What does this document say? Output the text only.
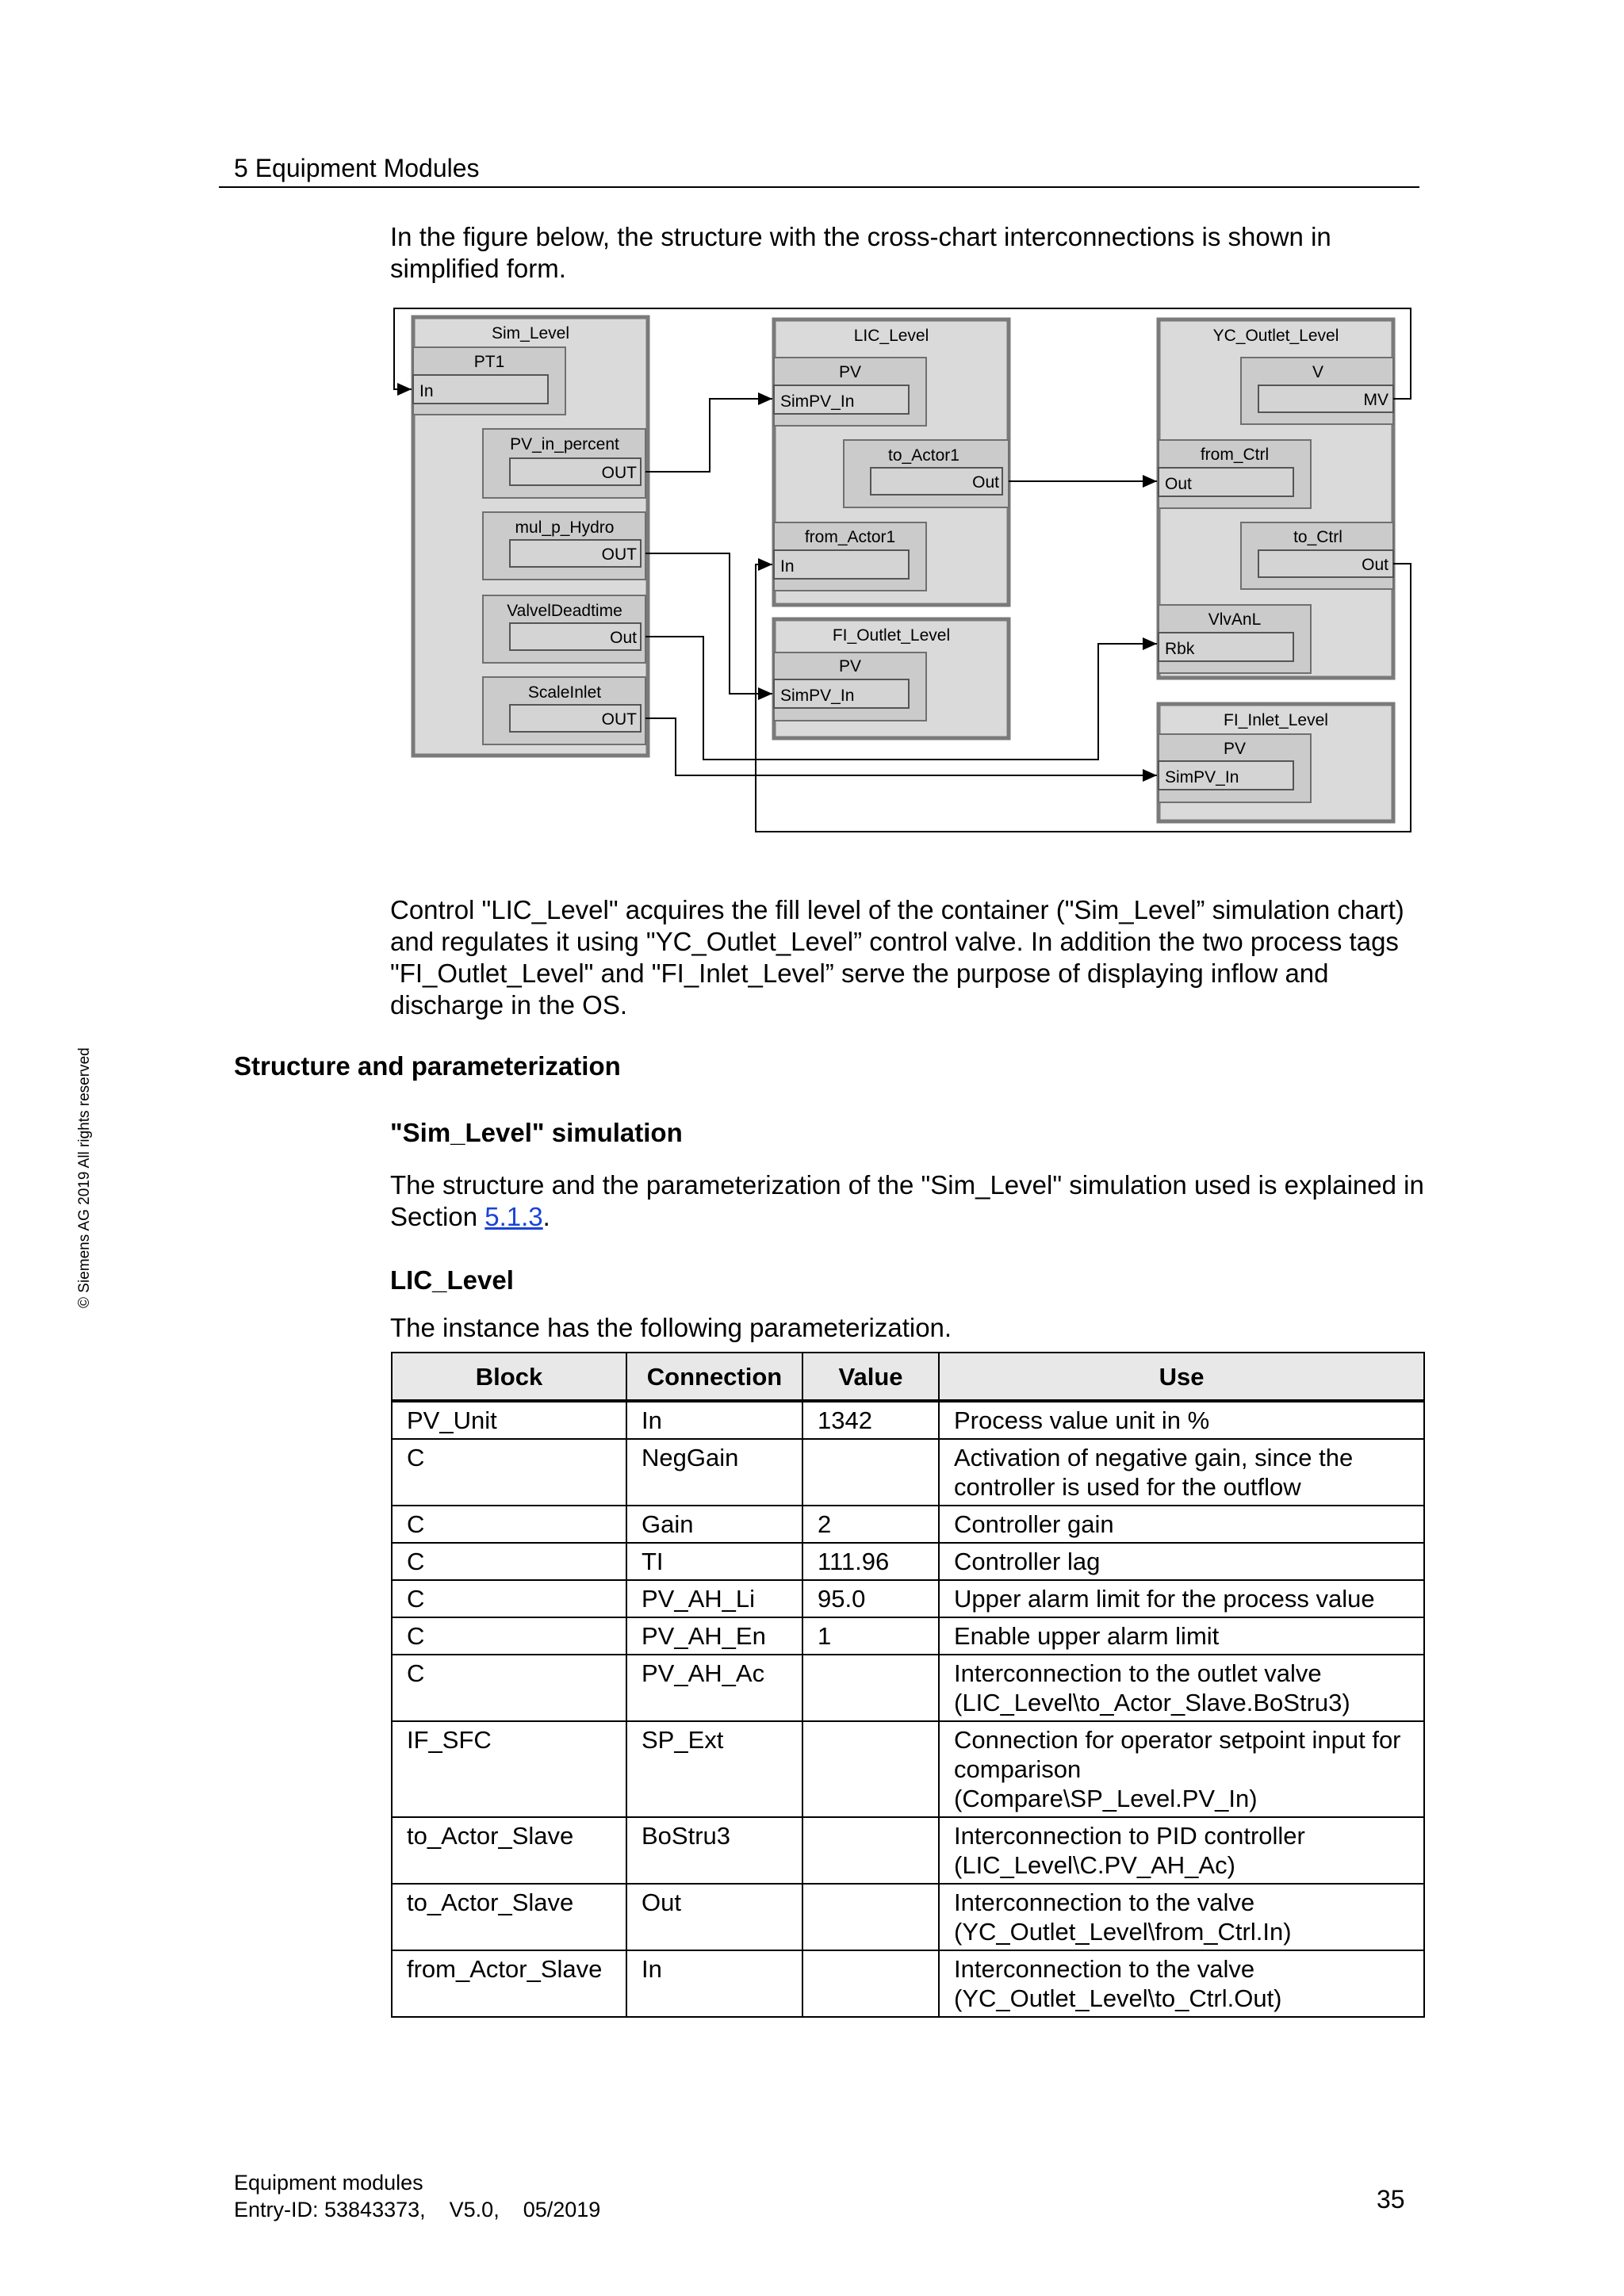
5 Equipment Modules
© Siemens AG 2019 All rights reserved
In the figure below, the structure with the cross-chart interconnections is shown in simplified form.
Sim_Level
PT1
In
PV_in_percent
OUT
mul_p_Hydro
OUT
ValvelDeadtime
Out
ScaleInlet
OUT
LIC_Level
PV
SimPV_In
to_Actor1
Out
from_Actor1
In
FI_Outlet_Level
PV
SimPV_In
YC_Outlet_Level
V
MV
from_Ctrl
Out
to_Ctrl
Out
VlvAnL
Rbk
FI_Inlet_Level
PV
SimPV_In
Control "LIC_Level" acquires the fill level of the container ("Sim_Level” simulation chart) and regulates it using "YC_Outlet_Level” control valve. In addition the two process tags "FI_Outlet_Level" and "FI_Inlet_Level” serve the purpose of displaying inflow and discharge in the OS.
Structure and parameterization
"Sim_Level" simulation
The structure and the parameterization of the "Sim_Level" simulation used is explained in Section 5.1.3.
LIC_Level
The instance has the following parameterization.
Block	Connection	Value	Use
PV_Unit	In	1342	Process value unit in %

C	NegGain		Activation of negative gain, since the
controller is used for the outflow

C	Gain	2	Controller gain

C	TI	111.96	Controller lag

C	PV_AH_Li	95.0	Upper alarm limit for the process value

C	PV_AH_En	1	Enable upper alarm limit

C	PV_AH_Ac		Interconnection to the outlet valve
(LIC_Level\to_Actor_Slave.BoStru3)

IF_SFC	SP_Ext		Connection for operator setpoint input for
comparison
(Compare\SP_Level.PV_In)

to_Actor_Slave	BoStru3		Interconnection to PID controller
(LIC_Level\C.PV_AH_Ac)

to_Actor_Slave	Out		Interconnection to the valve
(YC_Outlet_Level\from_Ctrl.In)

from_Actor_Slave	In		Interconnection to the valve
(YC_Outlet_Level\to_Ctrl.Out)
Equipment modules
Entry-ID: 53843373,    V5.0,    05/2019	35
